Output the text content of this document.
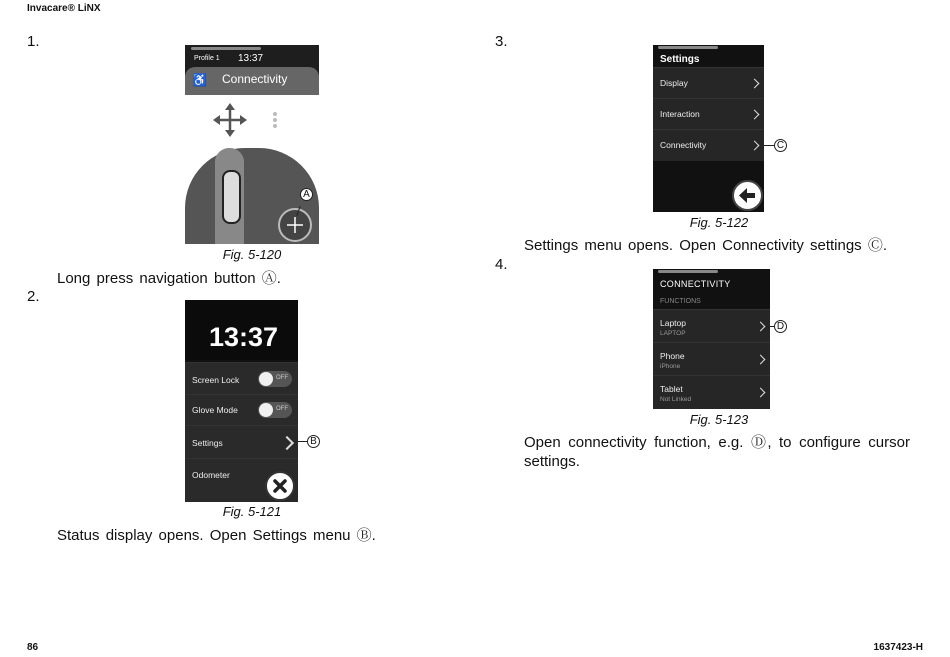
Invacare® LiNX
86	1637423-H
1.
Profile 1 13:37
♿ Connectivity
A
Fig. 5-120
Long press navigation button Ⓐ.
2.
13:37
Screen Lock	OFF
Glove Mode	OFF
Settings
Odometer
B
Fig. 5-121
Status display opens. Open Settings menu Ⓑ.
3.
Settings
Display
Interaction
Connectivity	C
Fig. 5-122
Settings menu opens. Open Connectivity settings Ⓒ.
4.
CONNECTIVITY
FUNCTIONS
Laptop
LAPTOP
Phone
iPhone
Tablet
Not Linked
D
Fig. 5-123
Open connectivity function, e.g. Ⓓ, to configure cursor settings.
